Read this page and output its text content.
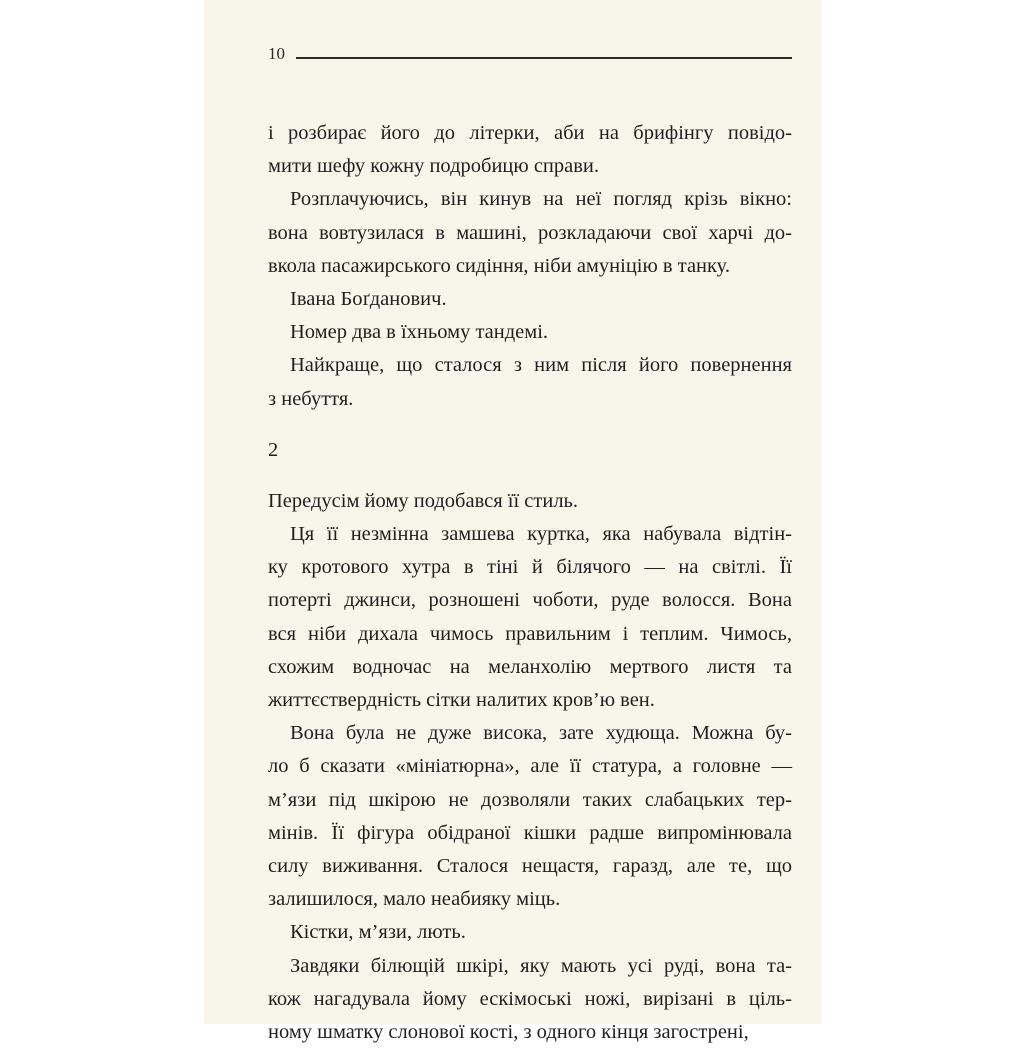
10
і розбирає його до літерки, аби на брифінгу повідо-
мити шефу кожну подробицю справи.
Розплачуючись, він кинув на неї погляд крізь вікно:
вона вовтузилася в машині, розкладаючи свої харчі до-
вкола пасажирського сидіння, ніби амуніцію в танку.
Івана Боґданович.
Номер два в їхньому тандемі.
Найкраще, що сталося з ним після його повернення
з небуття.
2
Передусім йому подобався її стиль.
Ця її незмінна замшева куртка, яка набувала відтін-
ку кротового хутра в тіні й білячого — на світлі. Її
потерті джинси, розношені чоботи, руде волосся. Вона
вся ніби дихала чимось правильним і теплим. Чимось,
схожим водночас на меланхолію мертвого листя та
життєствердність сітки налитих кров’ю вен.
Вона була не дуже висока, зате худюща. Можна бу-
ло б сказати «мініатюрна», але її статура, а головне —
м’язи під шкірою не дозволяли таких слабацьких тер-
мінів. Її фігура обідраної кішки радше випромінювала
силу виживання. Сталося нещастя, гаразд, але те, що
залишилося, мало неабияку міць.
Кістки, м’язи, лють.
Завдяки білющій шкірі, яку мають усі руді, вона та-
кож нагадувала йому ескімоські ножі, вирізані в ціль-
ному шматку слонової кості, з одного кінця загострені,
